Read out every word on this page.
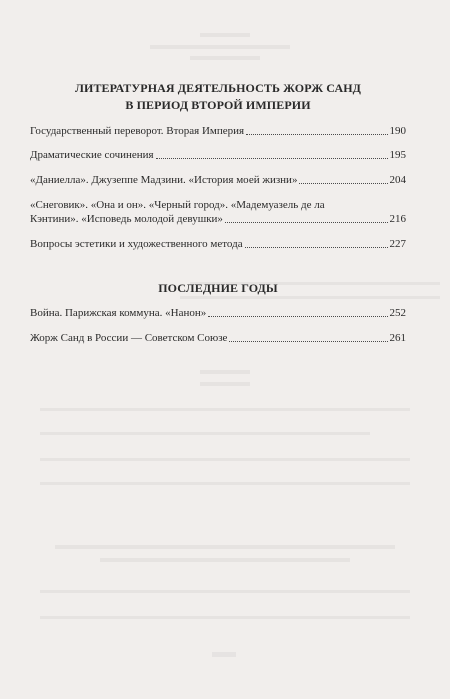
ЛИТЕРАТУРНАЯ ДЕЯТЕЛЬНОСТЬ ЖОРЖ САНД
В ПЕРИОД ВТОРОЙ ИМПЕРИИ
Государственный переворот. Вторая Империя	190
Драматические сочинения	195
«Даниелла». Джузеппе Мадзини. «История моей жизни»	204
«Снеговик». «Она и он». «Черный город». «Мадемуазель де ла
Кэнтини». «Исповедь молодой девушки»	216
Вопросы эстетики и художественного метода	227
ПОСЛЕДНИЕ ГОДЫ
Война. Парижская коммуна. «Нанон»	252
Жорж Санд в России — Советском Союзе	261
